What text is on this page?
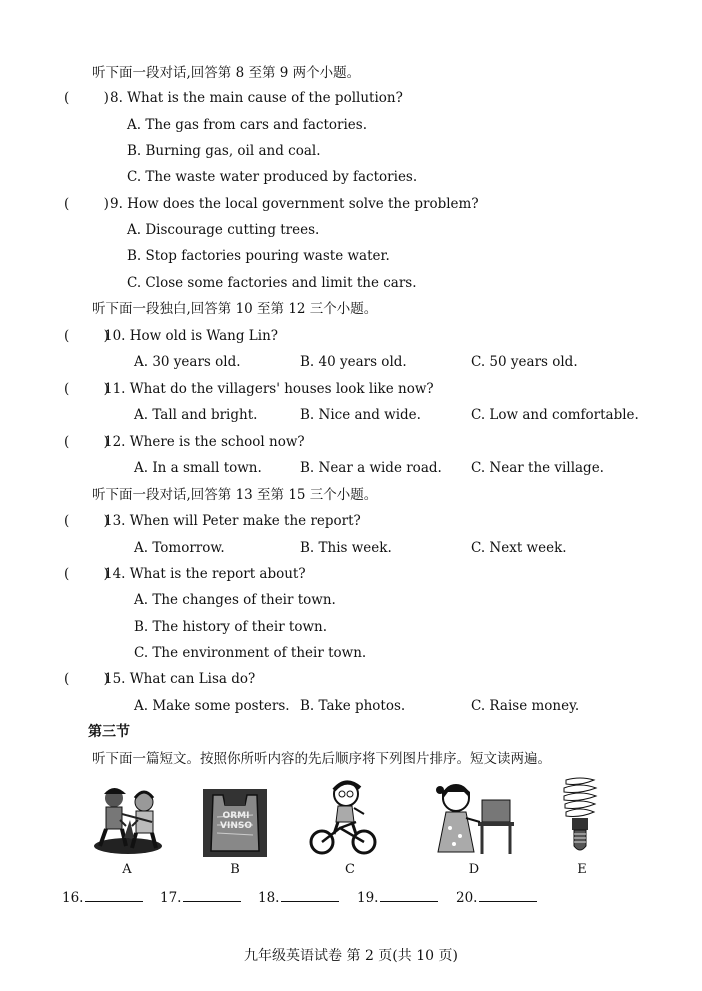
听下面一段对话,回答第 8 至第 9 两个小题。
(        ) 8. What is the main cause of the pollution?
A. The gas from cars and factories.
B. Burning gas, oil and coal.
C. The waste water produced by factories.
(        ) 9. How does the local government solve the problem?
A. Discourage cutting trees.
B. Stop factories pouring waste water.
C. Close some factories and limit the cars.
听下面一段独白,回答第 10 至第 12 三个小题。
(        )
10. How old is Wang Lin?
A. 30 years old.	B. 40 years old.	C. 50 years old.
(        )
11. What do the villagers' houses look like now?
A. Tall and bright.	B. Nice and wide.	C. Low and comfortable.
(        )
12. Where is the school now?
A. In a small town.	B. Near a wide road. C. Near the village.
听下面一段对话,回答第 13 至第 15 三个小题。
(        )
13. When will Peter make the report?
A. Tomorrow.	B. This week.	C. Next week.
(        )
14. What is the report about?
A. The changes of their town.
B. The history of their town.
C. The environment of their town.
(        )
15. What can Lisa do?
A. Make some posters. B. Take photos.	C. Raise money.
第三节
听下面一篇短文。按照你所听内容的先后顺序将下列图片排序。短文读两遍。
ORMI VINSO
A	B	C	D	E
16.	17.	18.	19.	20.
九年级英语试卷 第 2 页(共 10 页)
